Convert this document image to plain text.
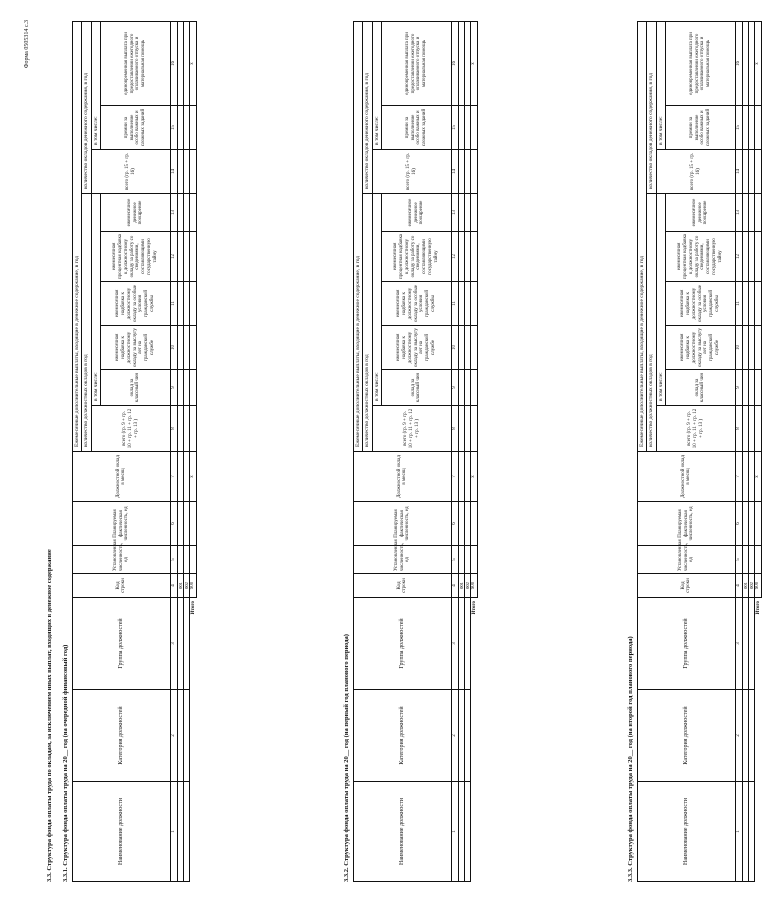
Форма 0505314 с.3
3.3. Структура фонда оплаты труда по окладам, за исключением иных выплат, входящих в денежное содержание 3.3.1. Структура фонда оплаты труда на 20__ год (на очередной финансовый год)	Наименование должности	Категория должностей	Группа должностей	Код строки	Установленная численность, ед	Планируемая фактическая численность, ед	Должностной оклад в месяц	Ежемесячные дополнительные выплаты, входящие в денежное содержание, в год								
							количество должностных окладов в год						количество окладов денежного содержания, в год		
							всего (гр. 9 + гр. 10 + гр. 11 + гр. 12 + гр. 13 )	в том числе:					всего (гр. 15 + гр. 16)	в том числе:	
								оклад за классный чин	ежемесячная надбавка к должностному окладу за выслугу лет на гражданской службе	ежемесячная надбавка к должностному окладу за особые условия гражданской службы	ежемесячная процентная надбавка к должностному окладу за работу со сведениями, составляющими государственную тайну	ежемесячное денежное поощрение		премии за выполнение особо важных и сложных заданий	единовременная выплата при предоставлении ежегодного оплачиваемого отпуска и материальная помощь
1	2	3	4	5	6	7	8	9	10	11	12	13	14	15	16
			001												
			002												
Итого			900			x									x
3.3.2. Структура фонда оплаты труда на 20__ год (на первый год планового периода)	Наименование должности	Категория должностей	Группа должностей	Код строки	Установленная численность, ед	Планируемая фактическая численность, ед	Должностной оклад в месяц	Ежемесячные дополнительные выплаты, входящие в денежное содержание, в год								
							количество должностных окладов в год						количество окладов денежного содержания, в год		
							всего (гр. 9 + гр. 10 + гр. 11 + гр. 12 + гр. 13 )	в том числе:					всего (гр. 15 + гр. 16)	в том числе:	
								оклад за классный чин	ежемесячная надбавка к должностному окладу за выслугу лет на гражданской службе	ежемесячная надбавка к должностному окладу за особые условия гражданской службы	ежемесячная процентная надбавка к должностному окладу за работу со сведениями, составляющими государственную тайну	ежемесячное денежное поощрение		премии за выполнение особо важных и сложных заданий	единовременная выплата при предоставлении ежегодного оплачиваемого отпуска и материальная помощь
1	2	3	4	5	6	7	8	9	10	11	12	13	14	15	16
			001												
			002												
Итого			900			x									x
3.3.3. Структура фонда оплаты труда на 20__ год (на второй год планового периода)	Наименование должности	Категория должностей	Группа должностей	Код строки	Установленная численность, ед	Планируемая фактическая численность, ед	Должностной оклад в месяц	Ежемесячные дополнительные выплаты, входящие в денежное содержание, в год								
							количество должностных окладов в год						количество окладов денежного содержания, в год		
							всего (гр. 9 + гр. 10 + гр. 11 + гр. 12 + гр. 13 )	в том числе:					всего (гр. 15 + гр. 16)	в том числе:	
								оклад за классный чин	ежемесячная надбавка к должностному окладу за выслугу лет на гражданской службе	ежемесячная надбавка к должностному окладу за особые условия гражданской службы	ежемесячная процентная надбавка к должностному окладу за работу со сведениями, составляющими государственную тайну	ежемесячное денежное поощрение		премии за выполнение особо важных и сложных заданий	единовременная выплата при предоставлении ежегодного оплачиваемого отпуска и материальная помощь
1	2	3	4	5	6	7	8	9	10	11	12	13	14	15	16
			001												
			002												
Итого			900			x									x
